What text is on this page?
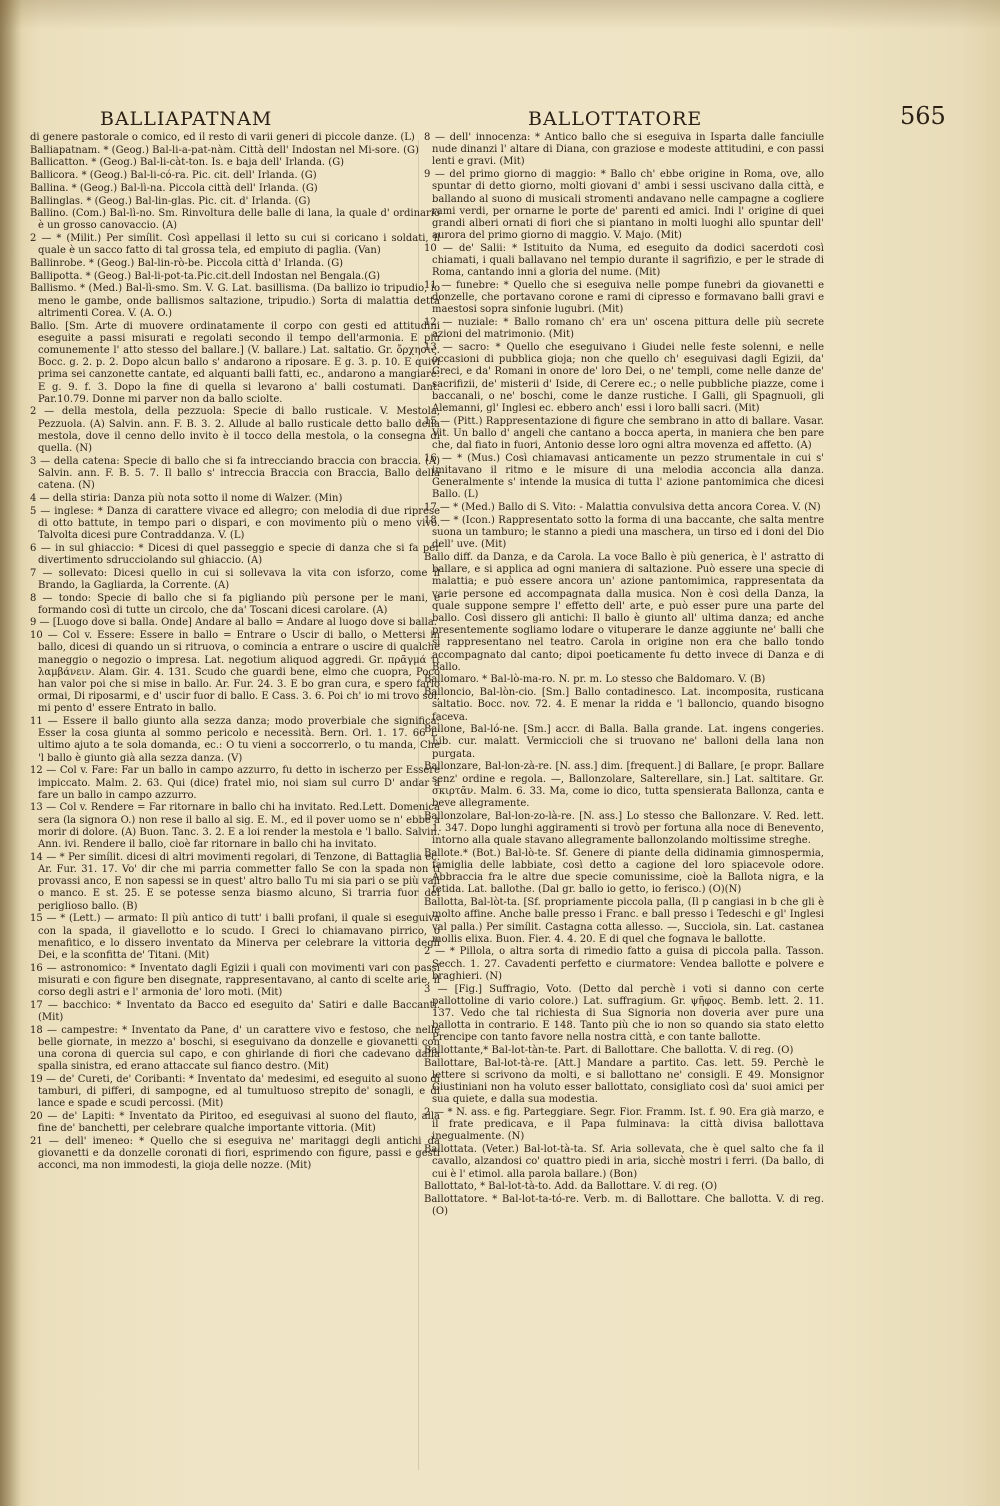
BALLIAPATNAM	BALLOTTATORE	565

di genere pastorale o comico, ed il resto di varii generi di piccole danze. (L)

Balliapatnam. * (Geog.) Bal-li-a-pat-nàm. Città dell' Indostan nel Mi-sore. (G)

Ballicatton. * (Geog.) Bal-li-càt-ton. Is. e baja dell' Irlanda. (G)

Ballicora. * (Geog.) Bal-li-có-ra. Pic. cit. dell' Irlanda. (G)

Ballina. * (Geog.) Bal-lì-na. Piccola città dell' Irlanda. (G)

Ballinglas. * (Geog.) Bal-lin-glas. Pic. cit. d' Irlanda. (G)

Ballino. (Com.) Bal-lì-no. Sm. Rinvoltura delle balle di lana, la quale d' ordinario è un grosso canovaccio. (A)

2 — * (Milit.) Per simílit. Così appellasi il letto su cui si coricano i soldati, il quale è un sacco fatto di tal grossa tela, ed empiuto di paglia. (Van)

Ballinrobe. * (Geog.) Bal-lin-rò-be. Piccola città d' Irlanda. (G)

Ballipotta. * (Geog.) Bal-li-pot-ta.Pic.cit.dell Indostan nel Bengala.(G)

Ballismo. * (Med.) Bal-lì-smo. Sm. V. G. Lat. basillisma. (Da ballizo io tripudio, io meno le gambe, onde ballismos saltazione, tripudio.) Sorta di malattia detta altrimenti Corea. V. (A. O.)

Ballo. [Sm. Arte di muovere ordinatamente il corpo con gesti ed attitudini eseguite a passi misurati e regolati secondo il tempo dell'armonia. E più comunemente l' atto stesso del ballare.] (V. ballare.) Lat. saltatio. Gr. ὄρχησις. Bocc. g. 2. p. 2. Dopo alcun ballo s' andarono a riposare. E g. 3. p. 10. E quivi prima sei canzonette cantate, ed alquanti balli fatti, ec., andarono a mangiare. E g. 9. f. 3. Dopo la fine di quella si levarono a' balli costumati. Dant. Par.10.79. Donne mi parver non da ballo sciolte.

2 — della mestola, della pezzuola: Specie di ballo rusticale. V. Mestola, Pezzuola. (A) Salvin. ann. F. B. 3. 2. Allude al ballo rusticale detto ballo della mestola, dove il cenno dello invito è il tocco della mestola, o la consegna di quella. (N)

3 — della catena: Specie di ballo che si fa intrecciando braccia con braccia. (A) Salvin. ann. F. B. 5. 7. Il ballo s' intreccia Braccia con Braccia, Ballo della catena. (N)

4 — della stiria: Danza più nota sotto il nome di Walzer. (Min)

5 — inglese: * Danza di carattere vivace ed allegro; con melodia di due riprese di otto battute, in tempo pari o dispari, e con movimento più o meno vivo. Talvolta dicesi pure Contraddanza. V. (L)

6 — in sul ghiaccio: * Dicesi di quel passeggio e specie di danza che si fa per divertimento sdrucciolando sul ghiaccio. (A)

7 — sollevato: Dicesi quello in cui si sollevava la vita con isforzo, come il Brando, la Gagliarda, la Corrente. (A)

8 — tondo: Specie di ballo che si fa pigliando più persone per le mani, e formando così di tutte un circolo, che da' Toscani dicesi carolare. (A)

9 — [Luogo dove si balla. Onde] Andare al ballo = Andare al luogo dove si balla.

10 — Col v. Essere: Essere in ballo = Entrare o Uscir di ballo, o Mettersi in ballo, dicesi di quando un si ritruova, o comincia a entrare o uscire di qualche maneggio o negozio o impresa. Lat. negotium aliquod aggredi. Gr. πρᾶγμά τι λαμβάνειν. Alam. Gir. 4. 131. Scudo che guardi bene, elmo che cuopra, Poco han valor poi che si mise in ballo. Ar. Fur. 24. 3. E bo gran cura, e spero farlo ormai, Di riposarmi, e d' uscir fuor di ballo. E Cass. 3. 6. Poi ch' io mi trovo sol, mi pento d' essere Entrato in ballo.

11 — Essere il ballo giunto alla sezza danza; modo proverbiale che significa: Esser la cosa giunta al sommo pericolo e necessità. Bern. Orl. 1. 17. 66 L' ultimo ajuto a te sola domanda, ec.: O tu vieni a soccorrerlo, o tu manda, Chè 'l ballo è giunto già alla sezza danza. (V)

12 — Col v. Fare: Far un ballo in campo azzurro, fu detto in ischerzo per Essere impiccato. Malm. 2. 63. Qui (dice) fratel mio, noi siam sul curro D' andar a fare un ballo in campo azzurro.

13 — Col v. Rendere = Far ritornare in ballo chi ha invitato. Red.Lett. Domenica sera (la signora O.) non rese il ballo al sig. E. M., ed il pover uomo se n' ebbe a morir di dolore. (A) Buon. Tanc. 3. 2. E a loi render la mestola e 'l ballo. Salvin. Ann. ivi. Rendere il ballo, cioè far ritornare in ballo chi ha invitato.

14 — * Per simílit. dicesi di altri movimenti regolari, di Tenzone, di Battaglia ec. Ar. Fur. 31. 17. Vo' dir che mi parria commetter fallo Se con la spada non ti provassi anco, E non sapessi se in quest' altro ballo Tu mi sia pari o se più vali o manco. E st. 25. E se potesse senza biasmo alcuno, Si trarria fuor del periglioso ballo. (B)

15 — * (Lett.) — armato: Il più antico di tutt' i balli profani, il quale si eseguiva con la spada, il giavellotto e lo scudo. I Greci lo chiamavano pirrico, o menafitico, e lo dissero inventato da Minerva per celebrare la vittoria degli Dei, e la sconfitta de' Titani. (Mit)

16 — astronomico: * Inventato dagli Egizii i quali con movimenti vari con passi misurati e con figure ben disegnate, rappresentavano, al canto di scelte arie, il corso degli astri e l' armonia de' loro moti. (Mit)

17 — bacchico: * Inventato da Bacco ed eseguito da' Satiri e dalle Baccanti. (Mit)

18 — campestre: * Inventato da Pane, d' un carattere vivo e festoso, che nelle belle giornate, in mezzo a' boschi, si eseguivano da donzelle e giovanetti con una corona di quercia sul capo, e con ghirlande di fiori che cadevano dalla spalla sinistra, ed erano attaccate sul fianco destro. (Mit)

19 — de' Cureti, de' Coribanti: * Inventato da' medesimi, ed eseguito al suono di tamburi, di pifferi, di sampogne, ed al tumultuoso strepito de' sonagli, e di lance e spade e scudi percossi. (Mit)

20 — de' Lapiti: * Inventato da Piritoo, ed eseguivasi al suono del flauto, alla fine de' banchetti, per celebrare qualche importante vittoria. (Mit)

21 — dell' imeneo: * Quello che si eseguiva ne' maritaggi degli antichi da giovanetti e da donzelle coronati di fiori, esprimendo con figure, passi e gesti acconci, ma non immodesti, la gioja delle nozze. (Mit)

8 — dell' innocenza: * Antico ballo che si eseguiva in Isparta dalle fanciulle nude dinanzi l' altare di Diana, con graziose e modeste attitudini, e con passi lenti e gravi. (Mit)

9 — del primo giorno di maggio: * Ballo ch' ebbe origine in Roma, ove, allo spuntar di detto giorno, molti giovani d' ambi i sessi uscivano dalla città, e ballando al suono di musicali stromenti andavano nelle campagne a cogliere rami verdi, per ornarne le porte de' parenti ed amici. Indi l' origine di quei grandi alberi ornati di fiori che si piantano in molti luoghi allo spuntar dell' aurora del primo giorno di maggio. V. Majo. (Mit)

10 — de' Salii: * Istituito da Numa, ed eseguito da dodici sacerdoti così chiamati, i quali ballavano nel tempio durante il sagrifizio, e per le strade di Roma, cantando inni a gloria del nume. (Mit)

11 — funebre: * Quello che si eseguiva nelle pompe funebri da giovanetti e donzelle, che portavano corone e rami di cipresso e formavano balli gravi e maestosi sopra sinfonie lugubri. (Mit)

12 — nuziale: * Ballo romano ch' era un' oscena pittura delle più secrete azioni del matrimonio. (Mit)

13 — sacro: * Quello che eseguivano i Giudei nelle feste solenni, e nelle occasioni di pubblica gioja; non che quello ch' eseguivasi dagli Egizii, da' Greci, e da' Romani in onore de' loro Dei, o ne' templi, come nelle danze de' sacrifizii, de' misterii d' Iside, di Cerere ec.; o nelle pubbliche piazze, come i baccanali, o ne' boschi, come le danze rustiche. I Galli, gli Spagnuoli, gli Alemanni, gl' Inglesi ec. ebbero anch' essi i loro balli sacri. (Mit)

15 — (Pitt.) Rappresentazione di figure che sembrano in atto di ballare. Vasar. Vit. Un ballo d' angeli che cantano a bocca aperta, in maniera che ben pare che, dal fiato in fuori, Antonio desse loro ogni altra movenza ed affetto. (A)

16 — * (Mus.) Così chiamavasi anticamente un pezzo strumentale in cui s' imitavano il ritmo e le misure di una melodia acconcia alla danza. Generalmente s' intende la musica di tutta l' azione pantomimica che dicesi Ballo. (L)

17 — * (Med.) Ballo di S. Vito: - Malattia convulsiva detta ancora Corea. V. (N)

18 — * (Icon.) Rappresentato sotto la forma di una baccante, che salta mentre suona un tamburo; le stanno a piedi una maschera, un tirso ed i doni del Dio dell' uve. (Mit)

Ballo diff. da Danza, e da Carola. La voce Ballo è più generica, è l' astratto di ballare, e si applica ad ogni maniera di saltazione. Può essere una specie di malattia; e può essere ancora un' azione pantomimica, rappresentata da varie persone ed accompagnata dalla musica. Non è così della Danza, la quale suppone sempre l' effetto dell' arte, e può esser pure una parte del ballo. Così dissero gli antichi: Il ballo è giunto all' ultima danza; ed anche presentemente sogliamo lodare o vituperare le danze aggiunte ne' balli che si rappresentano nel teatro. Carola in origine non era che ballo tondo accompagnato dal canto; dipoi poeticamente fu detto invece di Danza e di Ballo.

Ballomaro. * Bal-lò-ma-ro. N. pr. m. Lo stesso che Baldomaro. V. (B)

Balloncio, Bal-lòn-cio. [Sm.] Ballo contadinesco. Lat. incomposita, rusticana saltatio. Bocc. nov. 72. 4. E menar la ridda e 'l balloncio, quando bisogno faceva.

Ballone, Bal-ló-ne. [Sm.] accr. di Balla. Balla grande. Lat. ingens congeries. Lib. cur. malatt. Vermiccioli che si truovano ne' balloni della lana non purgata.

Ballonzare, Bal-lon-zà-re. [N. ass.] dim. [frequent.] di Ballare, [e propr. Ballare senz' ordine e regola. —, Ballonzolare, Salterellare, sin.] Lat. saltitare. Gr. σκιρτᾶν. Malm. 6. 33. Ma, come io dico, tutta spensierata Ballonza, canta e beve allegramente.

Ballonzolare, Bal-lon-zo-là-re. [N. ass.] Lo stesso che Ballonzare. V. Red. lett. 1. 347. Dopo lunghi aggiramenti si trovò per fortuna alla noce di Benevento, intorno alla quale stavano allegramente ballonzolando moltissime streghe.

Ballote.* (Bot.) Bal-lò-te. Sf. Genere di piante della didinamia gimnospermia, famiglia delle labbiate, così detto a cagione del loro spiacevole odore. Abbraccia fra le altre due specie comunissime, cioè la Ballota nigra, e la fetida. Lat. ballothe. (Dal gr. ballo io getto, io ferisco.) (O)(N)

Ballotta, Bal-lòt-ta. [Sf. propriamente piccola palla, (Il p cangiasi in b che gli è molto affine. Anche balle presso i Franc. e ball presso i Tedeschi e gl' Inglesi val palla.) Per simílit. Castagna cotta allesso. —, Succiola, sin. Lat. castanea mollis elixa. Buon. Fier. 4. 4. 20. E di quel che fognava le ballotte.

2 — * Pillola, o altra sorta di rimedio fatto a guisa di piccola palla. Tasson. Secch. 1. 27. Cavadenti perfetto e ciurmatore: Vendea ballotte e polvere e braghieri. (N)

3 — [Fig.] Suffragio, Voto. (Detto dal perchè i voti si danno con certe pallottoline di vario colore.) Lat. suffragium. Gr. ψῆφος. Bemb. lett. 2. 11. 137. Vedo che tal richiesta di Sua Signoria non doveria aver pure una ballotta in contrario. E 148. Tanto più che io non so quando sia stato eletto Prencipe con tanto favore nella nostra città, e con tante ballotte.

Ballottante,* Bal-lot-tàn-te. Part. di Ballottare. Che ballotta. V. di reg. (O)

Ballottare, Bal-lot-tà-re. [Att.] Mandare a partito. Cas. lett. 59. Perchè le lettere si scrivono da molti, e si ballottano ne' consigli. E 49. Monsignor Giustiniani non ha voluto esser ballottato, consigliato così da' suoi amici per sua quiete, e dalla sua modestia.

2 — * N. ass. e fig. Parteggiare. Segr. Fior. Framm. Ist. f. 90. Era già marzo, e il frate predicava, e il Papa fulminava: la città divisa ballottava inegualmente. (N)

Ballottata. (Veter.) Bal-lot-tà-ta. Sf. Aria sollevata, che è quel salto che fa il cavallo, alzandosi co' quattro piedi in aria, sicchè mostri i ferri. (Da ballo, di cui è l' etimol. alla parola ballare.) (Bon)

Ballottato, * Bal-lot-tà-to. Add. da Ballottare. V. di reg. (O)

Ballottatore. * Bal-lot-ta-tó-re. Verb. m. di Ballottare. Che ballotta. V. di reg. (O)
